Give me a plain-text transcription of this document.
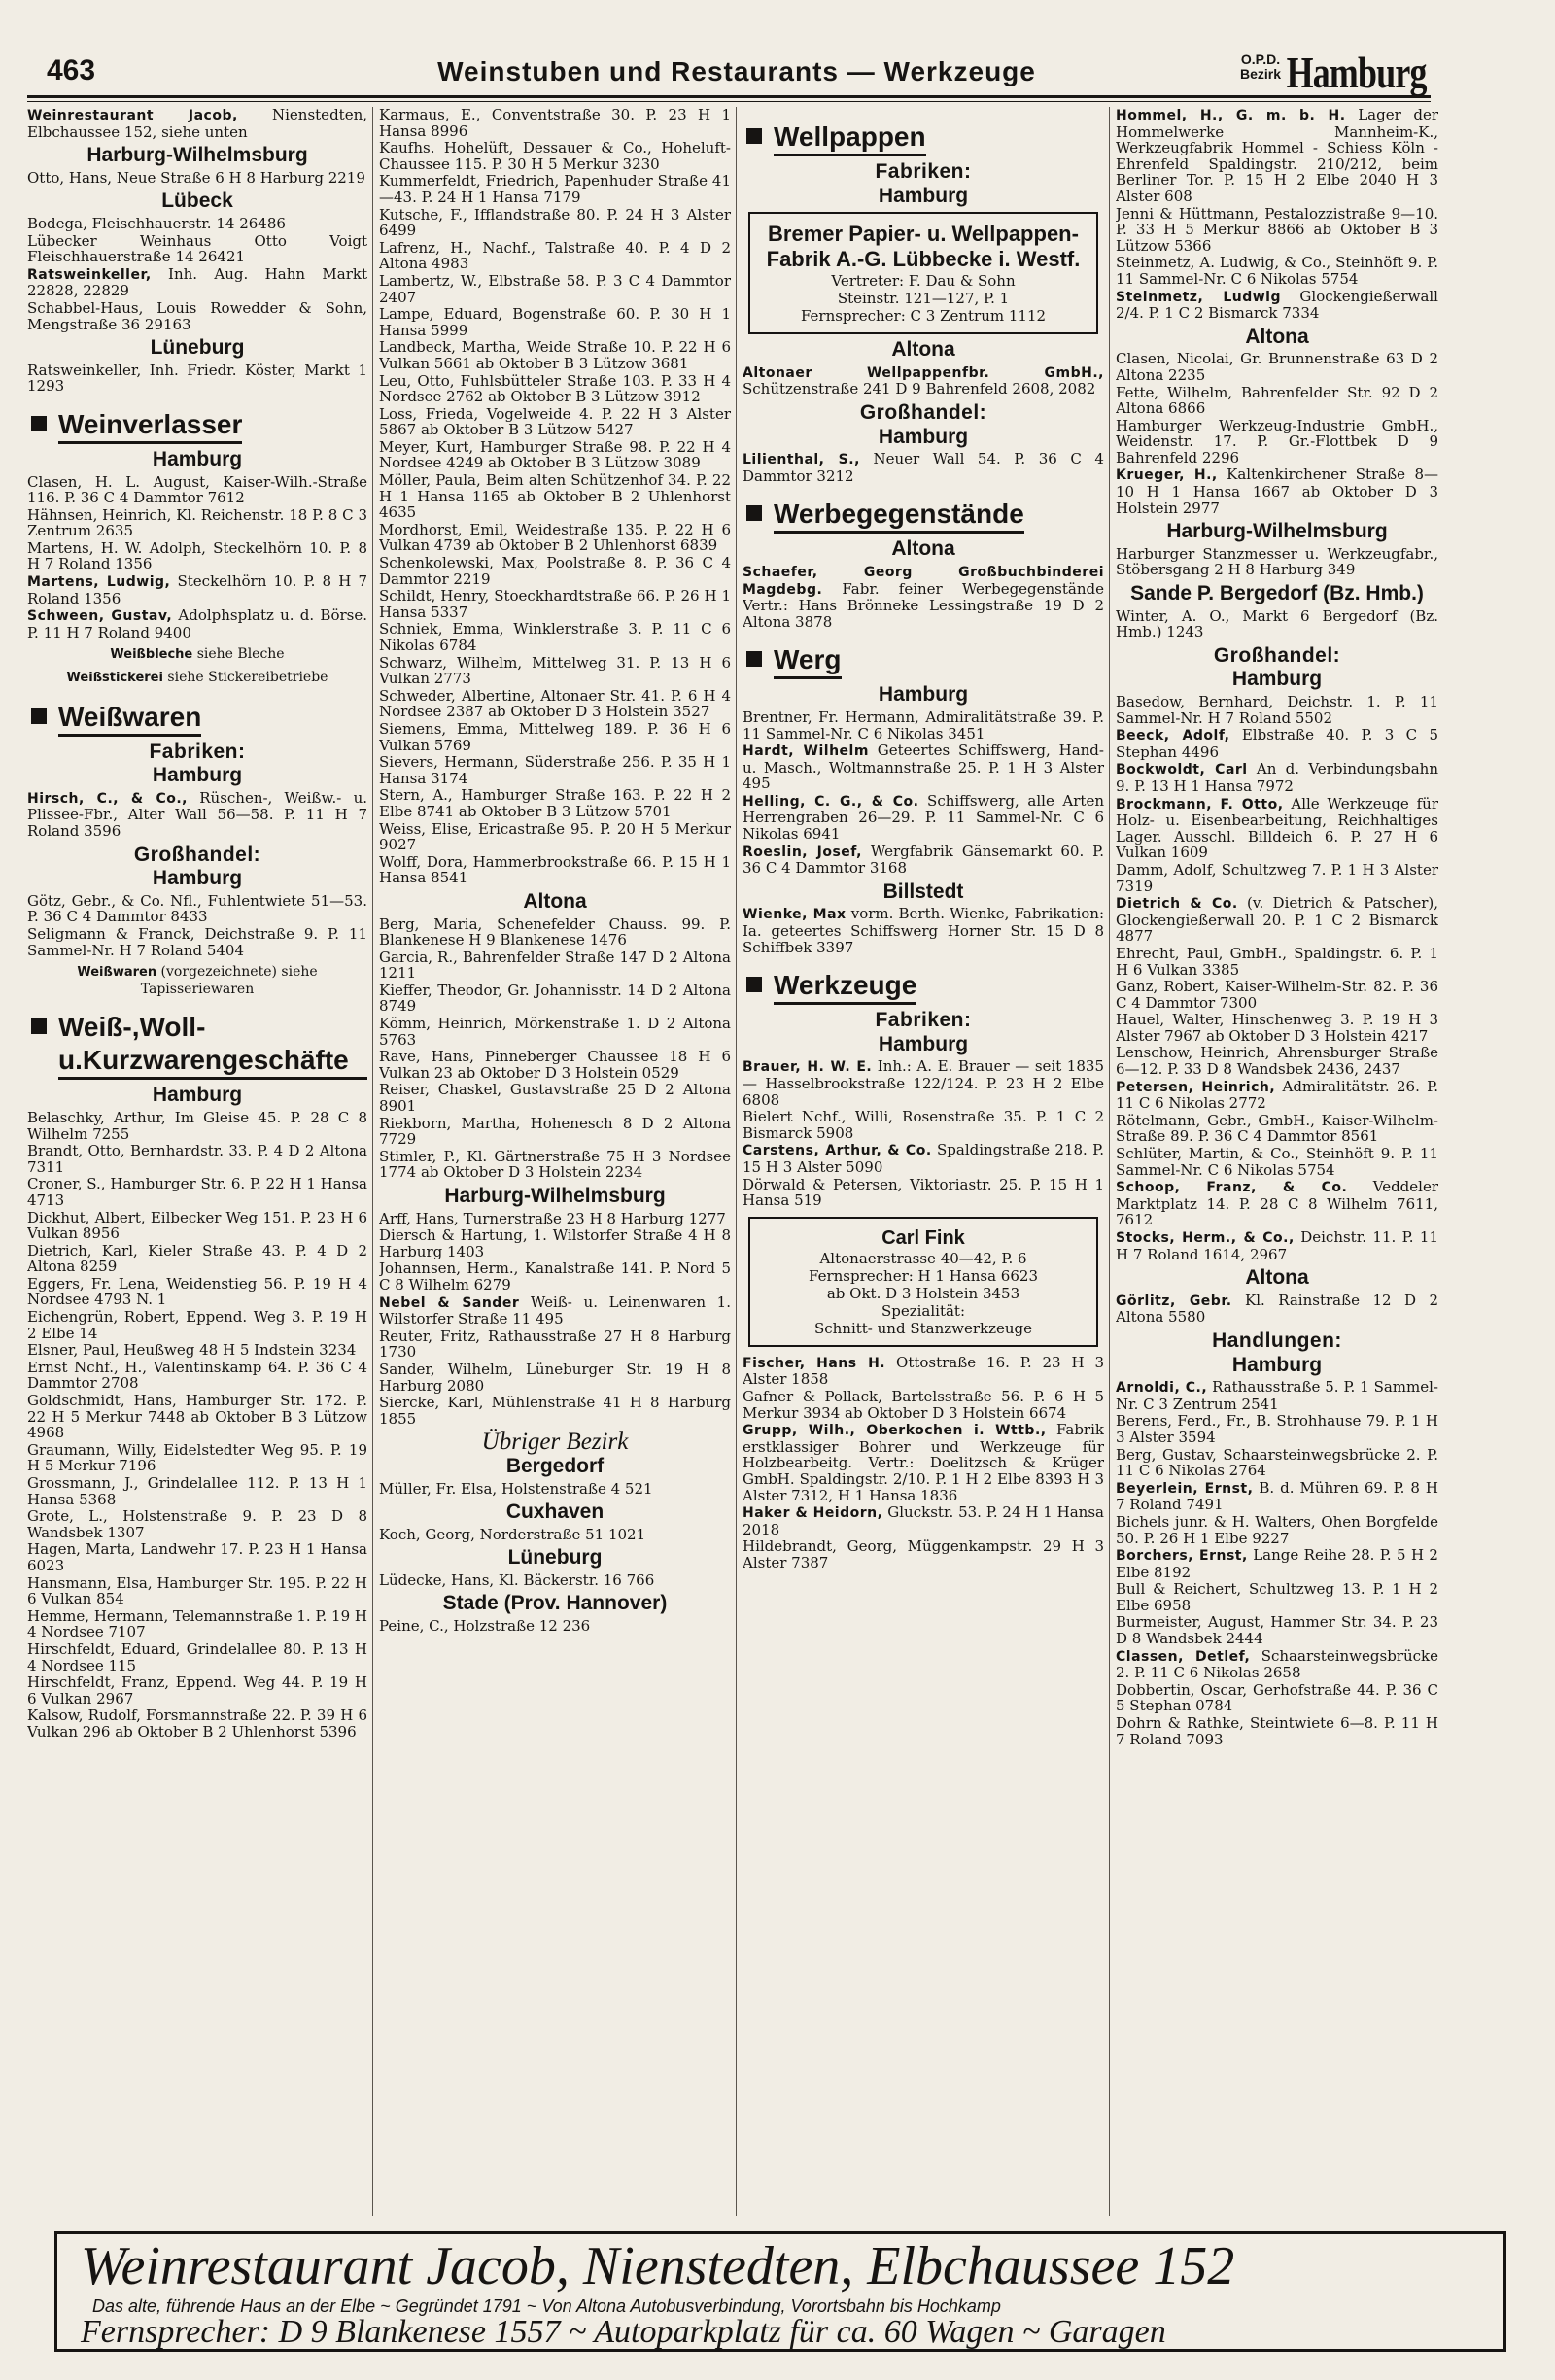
463	Weinstuben und Restaurants — Werkzeuge	O.P.D.
Bezirk Hamburg

Weinrestaurant Jacob, Nienstedten, Elbchaussee 152, siehe unten

Harburg-Wilhelmsburg

Otto, Hans, Neue Straße 6 H 8 Harburg 2219

Lübeck

Bodega, Fleischhauerstr. 14 26486

Lübecker Weinhaus Otto Voigt Fleischhauerstraße 14 26421

Ratsweinkeller, Inh. Aug. Hahn Markt 22828, 22829

Schabbel-Haus, Louis Rowedder & Sohn, Mengstraße 36 29163

Lüneburg

Ratsweinkeller, Inh. Friedr. Köster, Markt 1 1293

Weinverlasser
Hamburg

Clasen, H. L. August, Kaiser-Wilh.-Straße 116. P. 36 C 4 Dammtor 7612

Hähnsen, Heinrich, Kl. Reichenstr. 18 P. 8 C 3 Zentrum 2635

Martens, H. W. Adolph, Steckelhörn 10. P. 8 H 7 Roland 1356

Martens, Ludwig, Steckelhörn 10. P. 8 H 7 Roland 1356

Schween, Gustav, Adolphsplatz u. d. Börse. P. 11 H 7 Roland 9400

Weißbleche siehe Bleche
Weißstickerei siehe Stickereibetriebe
Weißwaren
Fabriken:
Hamburg

Hirsch, C., & Co., Rüschen-, Weißw.- u. Plissee-Fbr., Alter Wall 56—58. P. 11 H 7 Roland 3596

Großhandel:
Hamburg

Götz, Gebr., & Co. Nfl., Fuhlentwiete 51—53. P. 36 C 4 Dammtor 8433

Seligmann & Franck, Deichstraße 9. P. 11 Sammel-Nr. H 7 Roland 5404

Weißwaren (vorgezeichnete) siehe Tapisseriewaren
Weiß-,Woll-u.Kurzwarengeschäfte
Hamburg

Belaschky, Arthur, Im Gleise 45. P. 28 C 8 Wilhelm 7255

Brandt, Otto, Bernhardstr. 33. P. 4 D 2 Altona 7311

Croner, S., Hamburger Str. 6. P. 22 H 1 Hansa 4713

Dickhut, Albert, Eilbecker Weg 151. P. 23 H 6 Vulkan 8956

Dietrich, Karl, Kieler Straße 43. P. 4 D 2 Altona 8259

Eggers, Fr. Lena, Weidenstieg 56. P. 19 H 4 Nordsee 4793 N. 1

Eichengrün, Robert, Eppend. Weg 3. P. 19 H 2 Elbe 14

Elsner, Paul, Heußweg 48 H 5 Indstein 3234

Ernst Nchf., H., Valentinskamp 64. P. 36 C 4 Dammtor 2708

Goldschmidt, Hans, Hamburger Str. 172. P. 22 H 5 Merkur 7448 ab Oktober B 3 Lützow 4968

Graumann, Willy, Eidelstedter Weg 95. P. 19 H 5 Merkur 7196

Grossmann, J., Grindelallee 112. P. 13 H 1 Hansa 5368

Grote, L., Holstenstraße 9. P. 23 D 8 Wandsbek 1307

Hagen, Marta, Landwehr 17. P. 23 H 1 Hansa 6023

Hansmann, Elsa, Hamburger Str. 195. P. 22 H 6 Vulkan 854

Hemme, Hermann, Telemannstraße 1. P. 19 H 4 Nordsee 7107

Hirschfeldt, Eduard, Grindelallee 80. P. 13 H 4 Nordsee 115

Hirschfeldt, Franz, Eppend. Weg 44. P. 19 H 6 Vulkan 2967

Kalsow, Rudolf, Forsmannstraße 22. P. 39 H 6 Vulkan 296 ab Oktober B 2 Uhlenhorst 5396

Karmaus, E., Conventstraße 30. P. 23 H 1 Hansa 8996

Kaufhs. Hohelüft, Dessauer & Co., Hoheluft-Chaussee 115. P. 30 H 5 Merkur 3230

Kummerfeldt, Friedrich, Papenhuder Straße 41—43. P. 24 H 1 Hansa 7179

Kutsche, F., Ifflandstraße 80. P. 24 H 3 Alster 6499

Lafrenz, H., Nachf., Talstraße 40. P. 4 D 2 Altona 4983

Lambertz, W., Elbstraße 58. P. 3 C 4 Dammtor 2407

Lampe, Eduard, Bogenstraße 60. P. 30 H 1 Hansa 5999

Landbeck, Martha, Weide Straße 10. P. 22 H 6 Vulkan 5661 ab Oktober B 3 Lützow 3681

Leu, Otto, Fuhlsbütteler Straße 103. P. 33 H 4 Nordsee 2762 ab Oktober B 3 Lützow 3912

Loss, Frieda, Vogelweide 4. P. 22 H 3 Alster 5867 ab Oktober B 3 Lützow 5427

Meyer, Kurt, Hamburger Straße 98. P. 22 H 4 Nordsee 4249 ab Oktober B 3 Lützow 3089

Möller, Paula, Beim alten Schützenhof 34. P. 22 H 1 Hansa 1165 ab Oktober B 2 Uhlenhorst 4635

Mordhorst, Emil, Weidestraße 135. P. 22 H 6 Vulkan 4739 ab Oktober B 2 Uhlenhorst 6839

Schenkolewski, Max, Poolstraße 8. P. 36 C 4 Dammtor 2219

Schildt, Henry, Stoeckhardtstraße 66. P. 26 H 1 Hansa 5337

Schniek, Emma, Winklerstraße 3. P. 11 C 6 Nikolas 6784

Schwarz, Wilhelm, Mittelweg 31. P. 13 H 6 Vulkan 2773

Schweder, Albertine, Altonaer Str. 41. P. 6 H 4 Nordsee 2387 ab Oktober D 3 Holstein 3527

Siemens, Emma, Mittelweg 189. P. 36 H 6 Vulkan 5769

Sievers, Hermann, Süderstraße 256. P. 35 H 1 Hansa 3174

Stern, A., Hamburger Straße 163. P. 22 H 2 Elbe 8741 ab Oktober B 3 Lützow 5701

Weiss, Elise, Ericastraße 95. P. 20 H 5 Merkur 9027

Wolff, Dora, Hammerbrookstraße 66. P. 15 H 1 Hansa 8541

Altona

Berg, Maria, Schenefelder Chauss. 99. P. Blankenese H 9 Blankenese 1476

Garcia, R., Bahrenfelder Straße 147 D 2 Altona 1211

Kieffer, Theodor, Gr. Johannisstr. 14 D 2 Altona 8749

Kömm, Heinrich, Mörkenstraße 1. D 2 Altona 5763

Rave, Hans, Pinneberger Chaussee 18 H 6 Vulkan 23 ab Oktober D 3 Holstein 0529

Reiser, Chaskel, Gustavstraße 25 D 2 Altona 8901

Riekborn, Martha, Hohenesch 8 D 2 Altona 7729

Stimler, P., Kl. Gärtnerstraße 75 H 3 Nordsee 1774 ab Oktober D 3 Holstein 2234

Harburg-Wilhelmsburg

Arff, Hans, Turnerstraße 23 H 8 Harburg 1277

Diersch & Hartung, 1. Wilstorfer Straße 4 H 8 Harburg 1403

Johannsen, Herm., Kanalstraße 141. P. Nord 5 C 8 Wilhelm 6279

Nebel & Sander Weiß- u. Leinenwaren 1. Wilstorfer Straße 11 495

Reuter, Fritz, Rathausstraße 27 H 8 Harburg 1730

Sander, Wilhelm, Lüneburger Str. 19 H 8 Harburg 2080

Siercke, Karl, Mühlenstraße 41 H 8 Harburg 1855

Übriger Bezirk
Bergedorf

Müller, Fr. Elsa, Holstenstraße 4 521

Cuxhaven

Koch, Georg, Norderstraße 51 1021

Lüneburg

Lüdecke, Hans, Kl. Bäckerstr. 16 766

Stade (Prov. Hannover)

Peine, C., Holzstraße 12 236

Wellpappen
Fabriken:
Hamburg
Bremer Papier- u. Wellpappen-
Fabrik A.-G. Lübbecke i. Westf.
Vertreter: F. Dau & Sohn
Steinstr. 121—127, P. 1
Fernsprecher: C 3 Zentrum 1112
Altona

Altonaer Wellpappenfbr. GmbH., Schützenstraße 241 D 9 Bahrenfeld 2608, 2082

Großhandel:
Hamburg

Lilienthal, S., Neuer Wall 54. P. 36 C 4 Dammtor 3212

Werbegegenstände
Altona

Schaefer, Georg Großbuchbinderei Magdebg. Fabr. feiner Werbegegenstände Vertr.: Hans Brönneke Lessingstraße 19 D 2 Altona 3878

Werg
Hamburg

Brentner, Fr. Hermann, Admiralitätstraße 39. P. 11 Sammel-Nr. C 6 Nikolas 3451

Hardt, Wilhelm Geteertes Schiffswerg, Hand- u. Masch., Woltmannstraße 25. P. 1 H 3 Alster 495

Helling, C. G., & Co. Schiffswerg, alle Arten Herrengraben 26—29. P. 11 Sammel-Nr. C 6 Nikolas 6941

Roeslin, Josef, Wergfabrik Gänsemarkt 60. P. 36 C 4 Dammtor 3168

Billstedt

Wienke, Max vorm. Berth. Wienke, Fabrikation: Ia. geteertes Schiffswerg Horner Str. 15 D 8 Schiffbek 3397

Werkzeuge
Fabriken:
Hamburg

Brauer, H. W. E. Inh.: A. E. Brauer — seit 1835 — Hasselbrookstraße 122/124. P. 23 H 2 Elbe 6808

Bielert Nchf., Willi, Rosenstraße 35. P. 1 C 2 Bismarck 5908

Carstens, Arthur, & Co. Spaldingstraße 218. P. 15 H 3 Alster 5090

Dörwald & Petersen, Viktoriastr. 25. P. 15 H 1 Hansa 519

Carl Fink
Altonaerstrasse 40—42, P. 6
Fernsprecher: H 1 Hansa 6623
ab Okt. D 3 Holstein 3453
Spezialität:
Schnitt- und Stanzwerkzeuge

Fischer, Hans H. Ottostraße 16. P. 23 H 3 Alster 1858

Gafner & Pollack, Bartelsstraße 56. P. 6 H 5 Merkur 3934 ab Oktober D 3 Holstein 6674

Grupp, Wilh., Oberkochen i. Wttb., Fabrik erstklassiger Bohrer und Werkzeuge für Holzbearbeitg. Vertr.: Doelitzsch & Krüger GmbH. Spaldingstr. 2/10. P. 1 H 2 Elbe 8393 H 3 Alster 7312, H 1 Hansa 1836

Haker & Heidorn, Gluckstr. 53. P. 24 H 1 Hansa 2018

Hildebrandt, Georg, Müggenkampstr. 29 H 3 Alster 7387

Hommel, H., G. m. b. H. Lager der Hommelwerke Mannheim-K., Werkzeugfabrik Hommel - Schiess Köln - Ehrenfeld Spaldingstr. 210/212, beim Berliner Tor. P. 15 H 2 Elbe 2040 H 3 Alster 608

Jenni & Hüttmann, Pestalozzistraße 9—10. P. 33 H 5 Merkur 8866 ab Oktober B 3 Lützow 5366

Steinmetz, A. Ludwig, & Co., Steinhöft 9. P. 11 Sammel-Nr. C 6 Nikolas 5754

Steinmetz, Ludwig Glockengießerwall 2/4. P. 1 C 2 Bismarck 7334

Altona

Clasen, Nicolai, Gr. Brunnenstraße 63 D 2 Altona 2235

Fette, Wilhelm, Bahrenfelder Str. 92 D 2 Altona 6866

Hamburger Werkzeug-Industrie GmbH., Weidenstr. 17. P. Gr.-Flottbek D 9 Bahrenfeld 2296

Krueger, H., Kaltenkirchener Straße 8—10 H 1 Hansa 1667 ab Oktober D 3 Holstein 2977

Harburg-Wilhelmsburg

Harburger Stanzmesser u. Werkzeugfabr., Stöbersgang 2 H 8 Harburg 349

Sande P. Bergedorf (Bz. Hmb.)

Winter, A. O., Markt 6 Bergedorf (Bz. Hmb.) 1243

Großhandel:
Hamburg

Basedow, Bernhard, Deichstr. 1. P. 11 Sammel-Nr. H 7 Roland 5502

Beeck, Adolf, Elbstraße 40. P. 3 C 5 Stephan 4496

Bockwoldt, Carl An d. Verbindungsbahn 9. P. 13 H 1 Hansa 7972

Brockmann, F. Otto, Alle Werkzeuge für Holz- u. Eisenbearbeitung, Reichhaltiges Lager. Ausschl. Billdeich 6. P. 27 H 6 Vulkan 1609

Damm, Adolf, Schultzweg 7. P. 1 H 3 Alster 7319

Dietrich & Co. (v. Dietrich & Patscher), Glockengießerwall 20. P. 1 C 2 Bismarck 4877

Ehrecht, Paul, GmbH., Spaldingstr. 6. P. 1 H 6 Vulkan 3385

Ganz, Robert, Kaiser-Wilhelm-Str. 82. P. 36 C 4 Dammtor 7300

Hauel, Walter, Hinschenweg 3. P. 19 H 3 Alster 7967 ab Oktober D 3 Holstein 4217

Lenschow, Heinrich, Ahrensburger Straße 6—12. P. 33 D 8 Wandsbek 2436, 2437

Petersen, Heinrich, Admiralitätstr. 26. P. 11 C 6 Nikolas 2772

Rötelmann, Gebr., GmbH., Kaiser-Wilhelm-Straße 89. P. 36 C 4 Dammtor 8561

Schlüter, Martin, & Co., Steinhöft 9. P. 11 Sammel-Nr. C 6 Nikolas 5754

Schoop, Franz, & Co. Veddeler Marktplatz 14. P. 28 C 8 Wilhelm 7611, 7612

Stocks, Herm., & Co., Deichstr. 11. P. 11 H 7 Roland 1614, 2967

Altona

Görlitz, Gebr. Kl. Rainstraße 12 D 2 Altona 5580

Handlungen:
Hamburg

Arnoldi, C., Rathausstraße 5. P. 1 Sammel-Nr. C 3 Zentrum 2541

Berens, Ferd., Fr., B. Strohhause 79. P. 1 H 3 Alster 3594

Berg, Gustav, Schaarsteinwegsbrücke 2. P. 11 C 6 Nikolas 2764

Beyerlein, Ernst, B. d. Mühren 69. P. 8 H 7 Roland 7491

Bichels junr. & H. Walters, Ohen Borgfelde 50. P. 26 H 1 Elbe 9227

Borchers, Ernst, Lange Reihe 28. P. 5 H 2 Elbe 8192

Bull & Reichert, Schultzweg 13. P. 1 H 2 Elbe 6958

Burmeister, August, Hammer Str. 34. P. 23 D 8 Wandsbek 2444

Classen, Detlef, Schaarsteinwegsbrücke 2. P. 11 C 6 Nikolas 2658

Dobbertin, Oscar, Gerhofstraße 44. P. 36 C 5 Stephan 0784

Dohrn & Rathke, Steintwiete 6—8. P. 11 H 7 Roland 7093

Weinrestaurant Jacob, Nienstedten, Elbchaussee 152
Das alte, führende Haus an der Elbe ~ Gegründet 1791 ~ Von Altona Autobusverbindung, Vorortsbahn bis Hochkamp
Fernsprecher: D 9 Blankenese 1557 ~ Autoparkplatz für ca. 60 Wagen ~ Garagen
